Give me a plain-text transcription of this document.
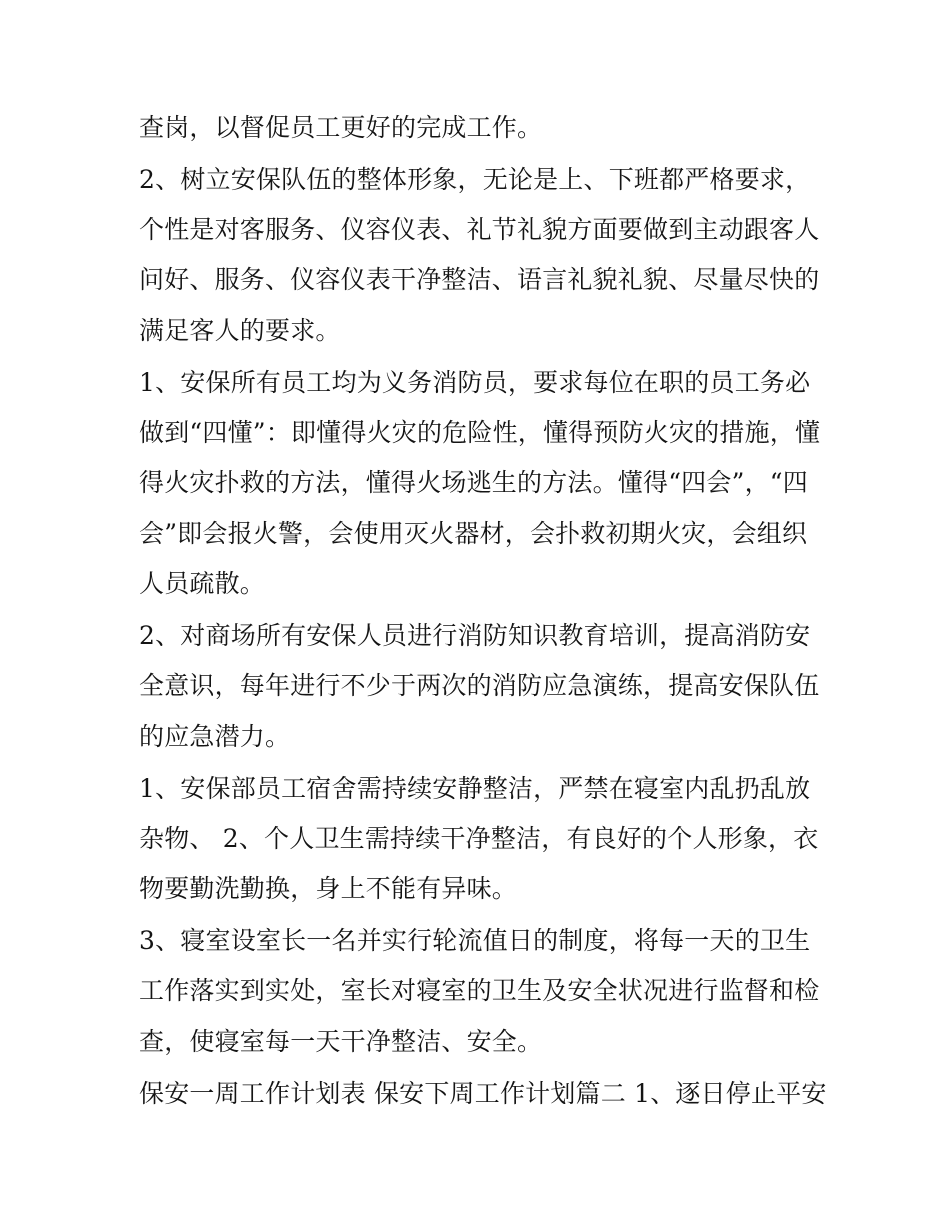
查岗，以督促员工更好的完成工作。
2、树立安保队伍的整体形象，无论是上、下班都严格要求，
个性是对客服务、仪容仪表、礼节礼貌方面要做到主动跟客人
问好、服务、仪容仪表干净整洁、语言礼貌礼貌、尽量尽快的
满足客人的要求。
1、安保所有员工均为义务消防员，要求每位在职的员工务必
做到“四懂”：即懂得火灾的危险性，懂得预防火灾的措施，懂
得火灾扑救的方法，懂得火场逃生的方法。懂得“四会”，“四
会”即会报火警，会使用灭火器材，会扑救初期火灾，会组织
人员疏散。
2、对商场所有安保人员进行消防知识教育培训，提高消防安
全意识，每年进行不少于两次的消防应急演练，提高安保队伍
的应急潜力。
1、安保部员工宿舍需持续安静整洁，严禁在寝室内乱扔乱放
杂物、 2、个人卫生需持续干净整洁，有良好的个人形象，衣
物要勤洗勤换，身上不能有异味。
3、寝室设室长一名并实行轮流值日的制度，将每一天的卫生
工作落实到实处，室长对寝室的卫生及安全状况进行监督和检
查，使寝室每一天干净整洁、安全。
保安一周工作计划表 保安下周工作计划篇二 1、逐日停止平安
